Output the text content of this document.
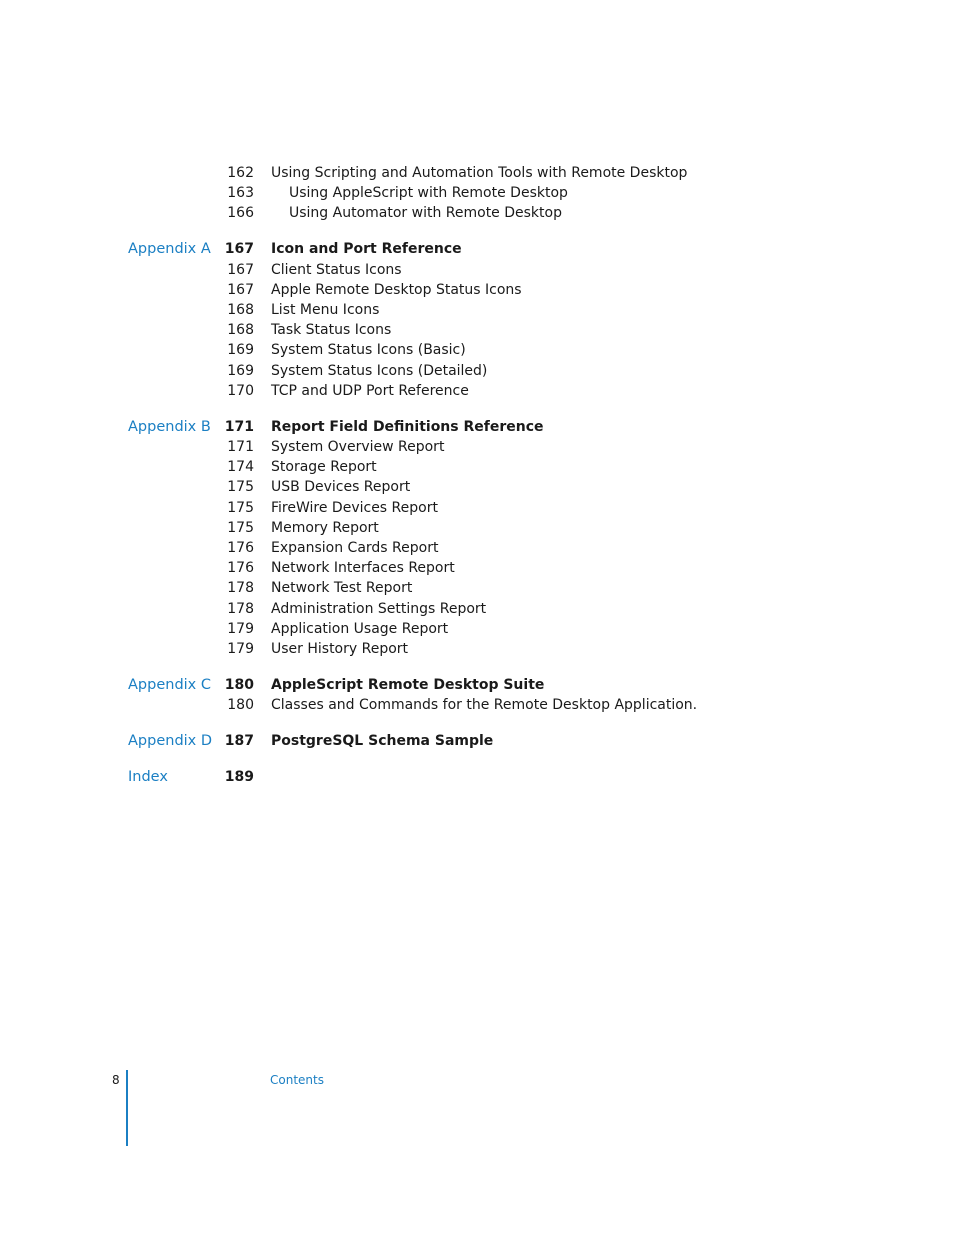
162 Using Scripting and Automation Tools with Remote Desktop
163	Using AppleScript with Remote Desktop
166	Using Automator with Remote Desktop
Appendix A 167 Icon and Port Reference
167 Client Status Icons
167 Apple Remote Desktop Status Icons
168 List Menu Icons
168 Task Status Icons
169 System Status Icons (Basic)
169 System Status Icons (Detailed)
170 TCP and UDP Port Reference
Appendix B 171 Report Field Definitions Reference
171 System Overview Report
174 Storage Report
175 USB Devices Report
175 FireWire Devices Report
175 Memory Report
176 Expansion Cards Report
176 Network Interfaces Report
178 Network Test Report
178 Administration Settings Report
179 Application Usage Report
179 User History Report
Appendix C 180 AppleScript Remote Desktop Suite
180 Classes and Commands for the Remote Desktop Application.
Appendix D 187 PostgreSQL Schema Sample
Index	189
8	Contents
